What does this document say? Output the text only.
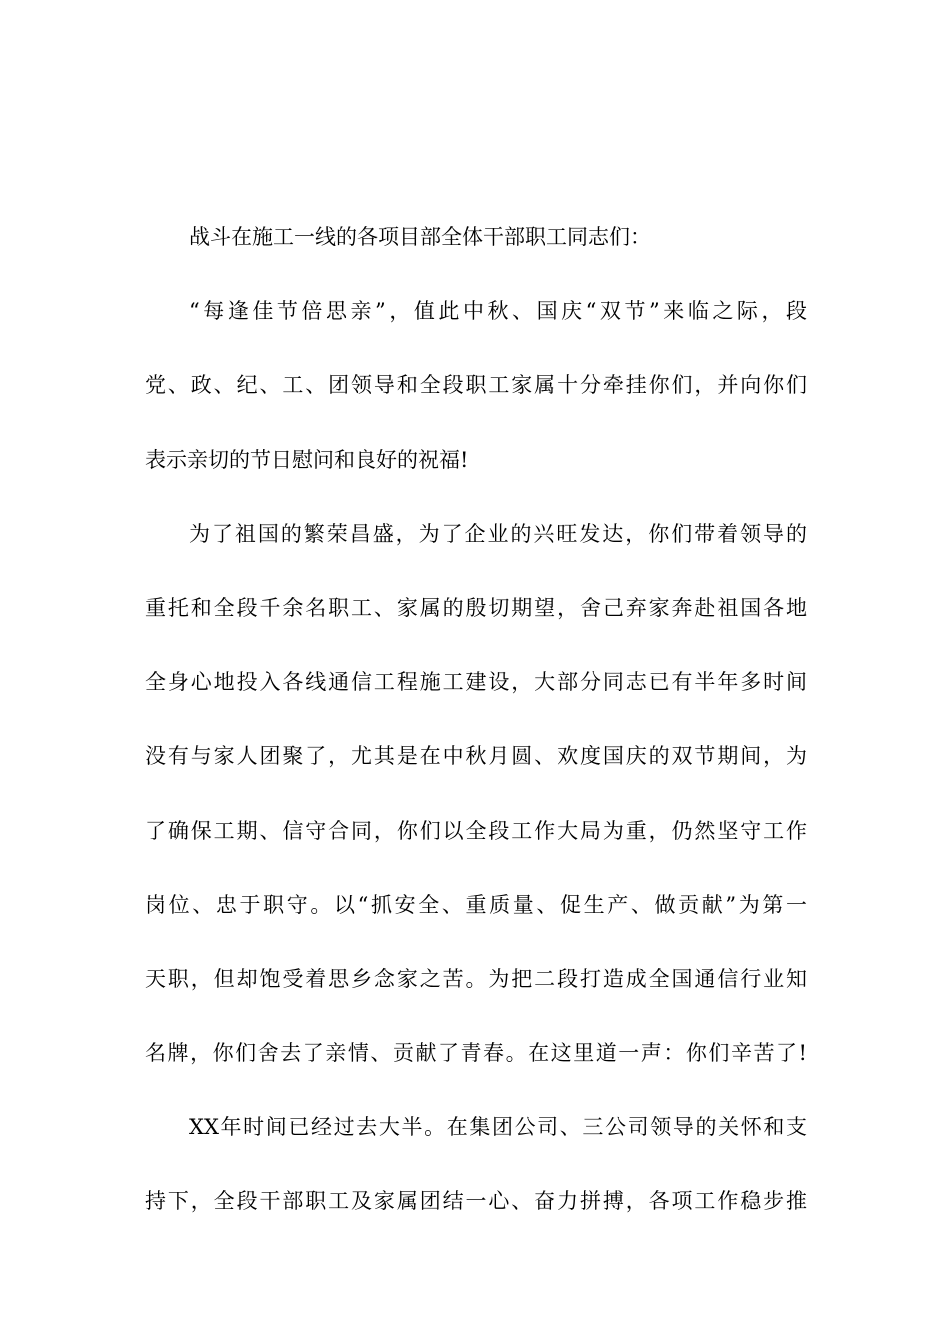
战斗在施工一线的各项目部全体干部职工同志们：
“每逢佳节倍思亲”，值此中秋、国庆“双节”来临之际，段
党、政、纪、工、团领导和全段职工家属十分牵挂你们，并向你们
表示亲切的节日慰问和良好的祝福!
为了祖国的繁荣昌盛，为了企业的兴旺发达，你们带着领导的
重托和全段千余名职工、家属的殷切期望，舍己弃家奔赴祖国各地
全身心地投入各线通信工程施工建设，大部分同志已有半年多时间
没有与家人团聚了，尤其是在中秋月圆、欢度国庆的双节期间，为
了确保工期、信守合同，你们以全段工作大局为重，仍然坚守工作
岗位、忠于职守。以“抓安全、重质量、促生产、做贡献”为第一
天职，但却饱受着思乡念家之苦。为把二段打造成全国通信行业知
名牌，你们舍去了亲情、贡献了青春。在这里道一声：你们辛苦了!
XX年时间已经过去大半。在集团公司、三公司领导的关怀和支
持下，全段干部职工及家属团结一心、奋力拼搏，各项工作稳步推
